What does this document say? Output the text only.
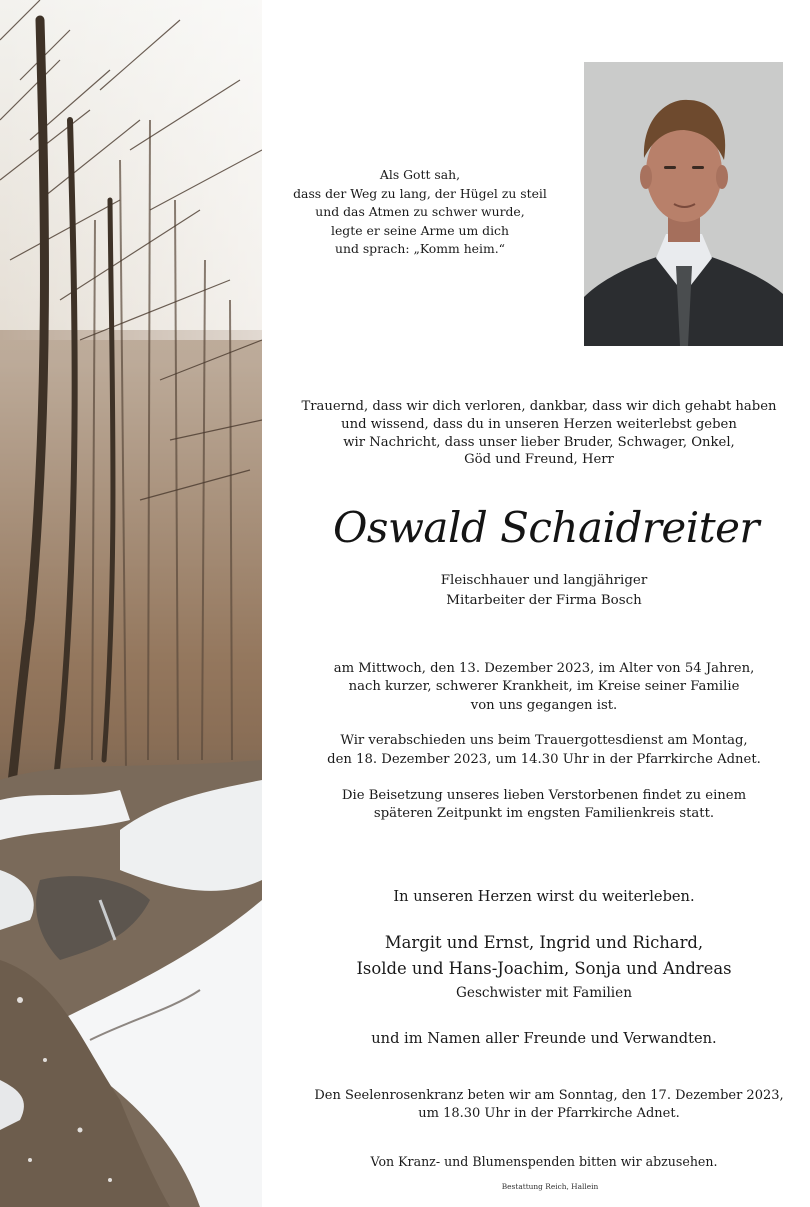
Als Gott sah,
dass der Weg zu lang, der Hügel zu steil
und das Atmen zu schwer wurde,
legte er seine Arme um dich
und sprach: „Komm heim.“
Trauernd, dass wir dich verloren, dankbar, dass wir dich gehabt haben
und wissend, dass du in unseren Herzen weiterlebst geben
wir Nachricht, dass unser lieber Bruder, Schwager, Onkel,
Göd und Freund, Herr
Oswald Schaidreiter
Fleischhauer und langjähriger
Mitarbeiter der Firma Bosch
am Mittwoch, den 13. Dezember 2023, im Alter von 54 Jahren,
nach kurzer, schwerer Krankheit, im Kreise seiner Familie
von uns gegangen ist.
Wir verabschieden uns beim Trauergottesdienst am Montag,
den 18. Dezember 2023, um 14.30 Uhr in der Pfarrkirche Adnet.
Die Beisetzung unseres lieben Verstorbenen findet zu einem
späteren Zeitpunkt im engsten Familienkreis statt.
In unseren Herzen wirst du weiterleben.
Margit und Ernst, Ingrid und Richard,
Isolde und Hans-Joachim, Sonja und Andreas
Geschwister mit Familien
und im Namen aller Freunde und Verwandten.
Den Seelenrosenkranz beten wir am Sonntag, den 17. Dezember 2023,
um 18.30 Uhr in der Pfarrkirche Adnet.
Von Kranz- und Blumenspenden bitten wir abzusehen.
Bestattung Reich, Hallein
